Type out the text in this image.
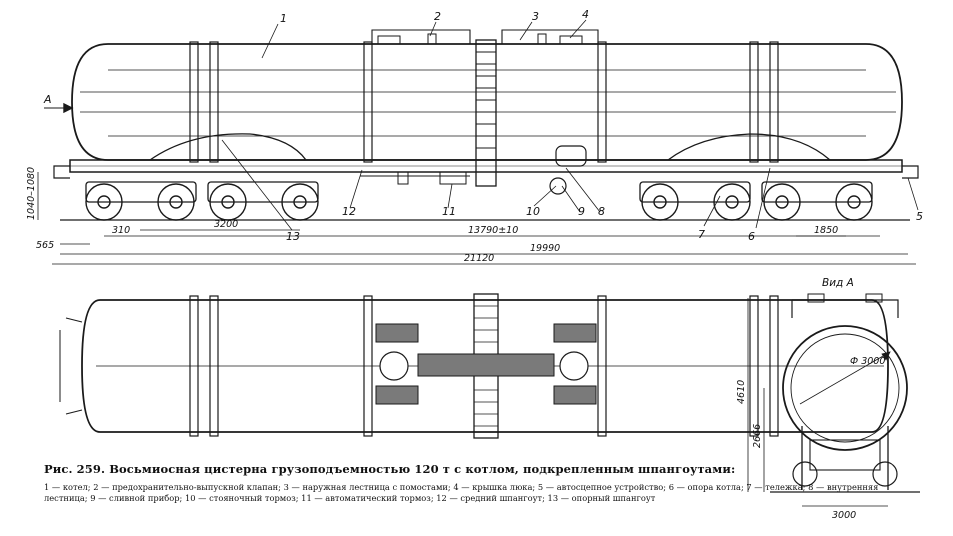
1	2	3	4
5
6
7
8
9
10
11
12
13
A
Вид A
1040–1080
565
310
3200
13790±10	1850
19990
21120
Ф 3000
4610
2666
3000

Рис. 259. Восьмиосная цистерна грузоподъемностью 120 т с котлом, подкрепленным шпангоутами:

1 — котел; 2 — предохранительно-выпускной клапан; 3 — наружная лестница с помостами; 4 — крышка люка; 5 — автосцепное устройство; 6 — опора котла; 7 — тележка; 8 — внутренняя лестница; 9 — сливной прибор; 10 — стояночный тормоз; 11 — автоматический тормоз; 12 — средний шпангоут; 13 — опорный шпангоут
